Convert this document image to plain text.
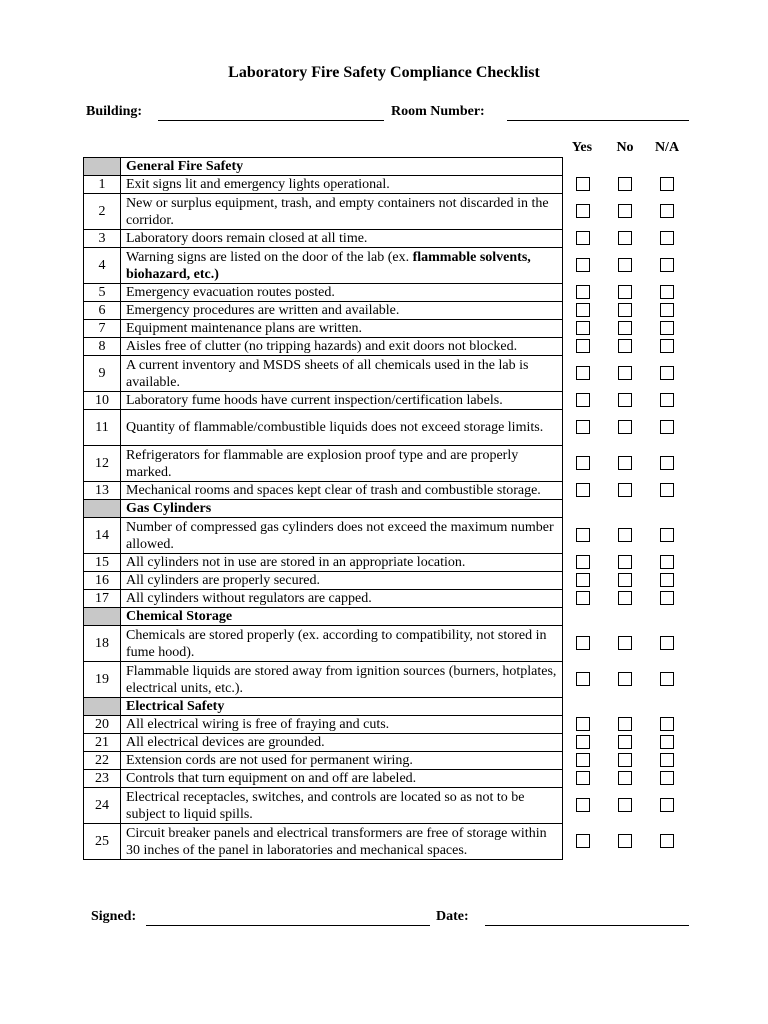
Laboratory Fire Safety Compliance Checklist
Building:	Room Number:
Yes	No	N/A
	General Fire Safety
1	Exit signs lit and emergency lights operational.
2	New or surplus equipment, trash, and empty containers not discarded in the corridor.
3	Laboratory doors remain closed at all time.
4	Warning signs are listed on the door of the lab (ex. flammable solvents, biohazard, etc.)
5	Emergency evacuation routes posted.
6	Emergency procedures are written and available.
7	Equipment maintenance plans are written.
8	Aisles free of clutter (no tripping hazards) and exit doors not blocked.
9	A current inventory and MSDS sheets of all chemicals used in the lab is available.
10	Laboratory fume hoods have current inspection/certification labels.
11	Quantity of flammable/combustible liquids does not exceed storage limits.
12	Refrigerators for flammable are explosion proof type and are properly marked.
13	Mechanical rooms and spaces kept clear of trash and combustible storage.
	Gas Cylinders
14	Number of compressed gas cylinders does not exceed the maximum number allowed.
15	All cylinders not in use are stored in an appropriate location.
16	All cylinders are properly secured.
17	All cylinders without regulators are capped.
	Chemical Storage
18	Chemicals are stored properly (ex. according to compatibility, not stored in fume hood).
19	Flammable liquids are stored away from ignition sources (burners, hotplates, electrical units, etc.).
	Electrical Safety
20	All electrical wiring is free of fraying and cuts.
21	All electrical devices are grounded.
22	Extension cords are not used for permanent wiring.
23	Controls that turn equipment on and off are labeled.
24	Electrical receptacles, switches, and controls are located so as not to be subject to liquid spills.
25	Circuit breaker panels and electrical transformers are free of storage within 30 inches of the panel in laboratories and mechanical spaces.
Signed:	Date:
